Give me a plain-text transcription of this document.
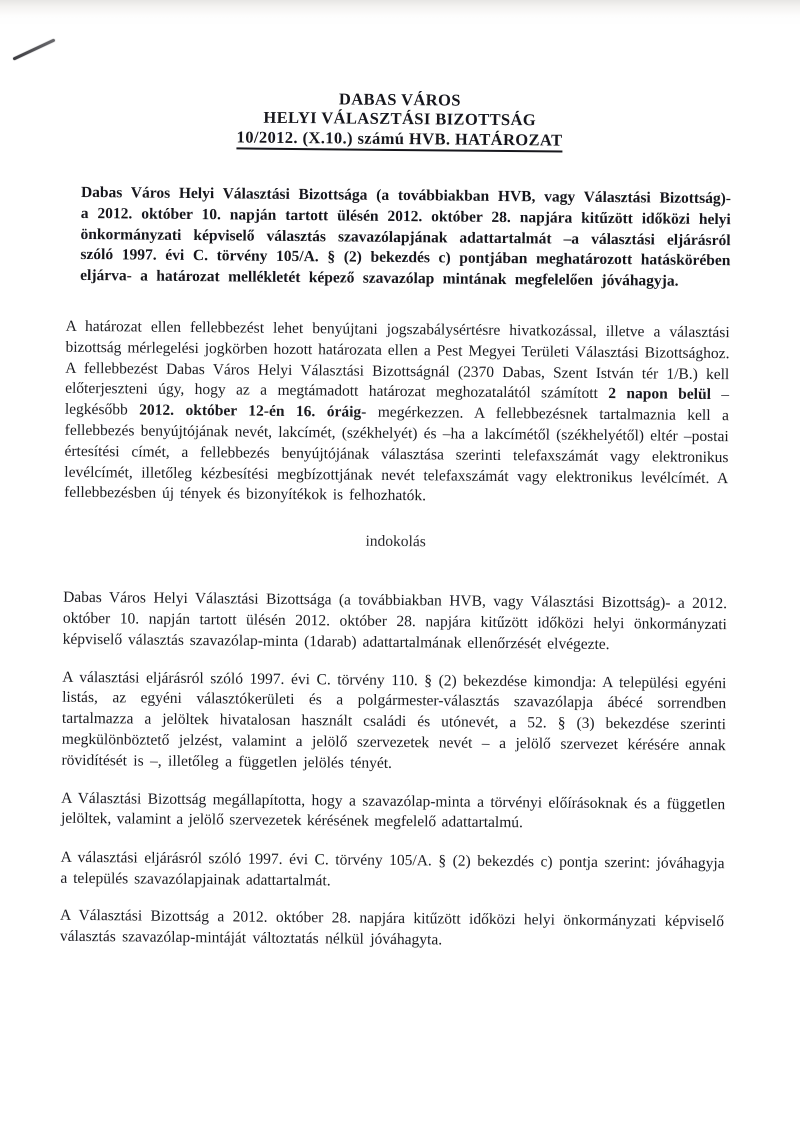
DABAS VÁROS
HELYI VÁLASZTÁSI BIZOTTSÁG
10/2012. (X.10.) számú HVB. HATÁROZAT

Dabas Város Helyi Választási Bizottsága (a továbbiakban HVB, vagy Választási Bizottság)- a 2012. október 10. napján tartott ülésén 2012. október 28. napjára kitűzött időközi helyi önkormányzati képviselő választás szavazólapjának adattartalmát –a választási eljárásról szóló 1997. évi C. törvény 105/A. § (2) bekezdés c) pontjában meghatározott hatáskörében eljárva- a határozat mellékletét képező szavazólap mintának megfelelően jóváhagyja.

A határozat ellen fellebbezést lehet benyújtani jogszabálysértésre hivatkozással, illetve a választási bizottság mérlegelési jogkörben hozott határozata ellen a Pest Megyei Területi Választási Bizottsághoz. A fellebbezést Dabas Város Helyi Választási Bizottságnál (2370 Dabas, Szent István tér 1/B.) kell előterjeszteni úgy, hogy az a megtámadott határozat meghozatalától számított 2 napon belül –legkésőbb 2012. október 12-én 16. óráig- megérkezzen. A fellebbezésnek tartalmaznia kell a fellebbezés benyújtójának nevét, lakcímét, (székhelyét) és –ha a lakcímétől (székhelyétől) eltér –postai értesítési címét, a fellebbezés benyújtójának választása szerinti telefaxszámát vagy elektronikus levélcímét, illetőleg kézbesítési megbízottjának nevét telefaxszámát vagy elektronikus levélcímét. A fellebbezésben új tények és bizonyítékok is felhozhatók.

indokolás

Dabas Város Helyi Választási Bizottsága (a továbbiakban HVB, vagy Választási Bizottság)- a 2012. október 10. napján tartott ülésén 2012. október 28. napjára kitűzött időközi helyi önkormányzati képviselő választás szavazólap-minta (1darab) adattartalmának ellenőrzését elvégezte.

A választási eljárásról szóló 1997. évi C. törvény 110. § (2) bekezdése kimondja: A települési egyéni listás, az egyéni választókerületi és a polgármester-választás szavazólapja ábécé sorrendben tartalmazza a jelöltek hivatalosan használt családi és utónevét, a 52. § (3) bekezdése szerinti megkülönböztető jelzést, valamint a jelölő szervezetek nevét – a jelölő szervezet kérésére annak rövidítését is –, illetőleg a független jelölés tényét.

A Választási Bizottság megállapította, hogy a szavazólap-minta a törvényi előírásoknak és a független jelöltek, valamint a jelölő szervezetek kérésének megfelelő adattartalmú.

A választási eljárásról szóló 1997. évi C. törvény 105/A. § (2) bekezdés c) pontja szerint: jóváhagyja a település szavazólapjainak adattartalmát.

A Választási Bizottság a 2012. október 28. napjára kitűzött időközi helyi önkormányzati képviselő választás szavazólap-mintáját változtatás nélkül jóváhagyta.
